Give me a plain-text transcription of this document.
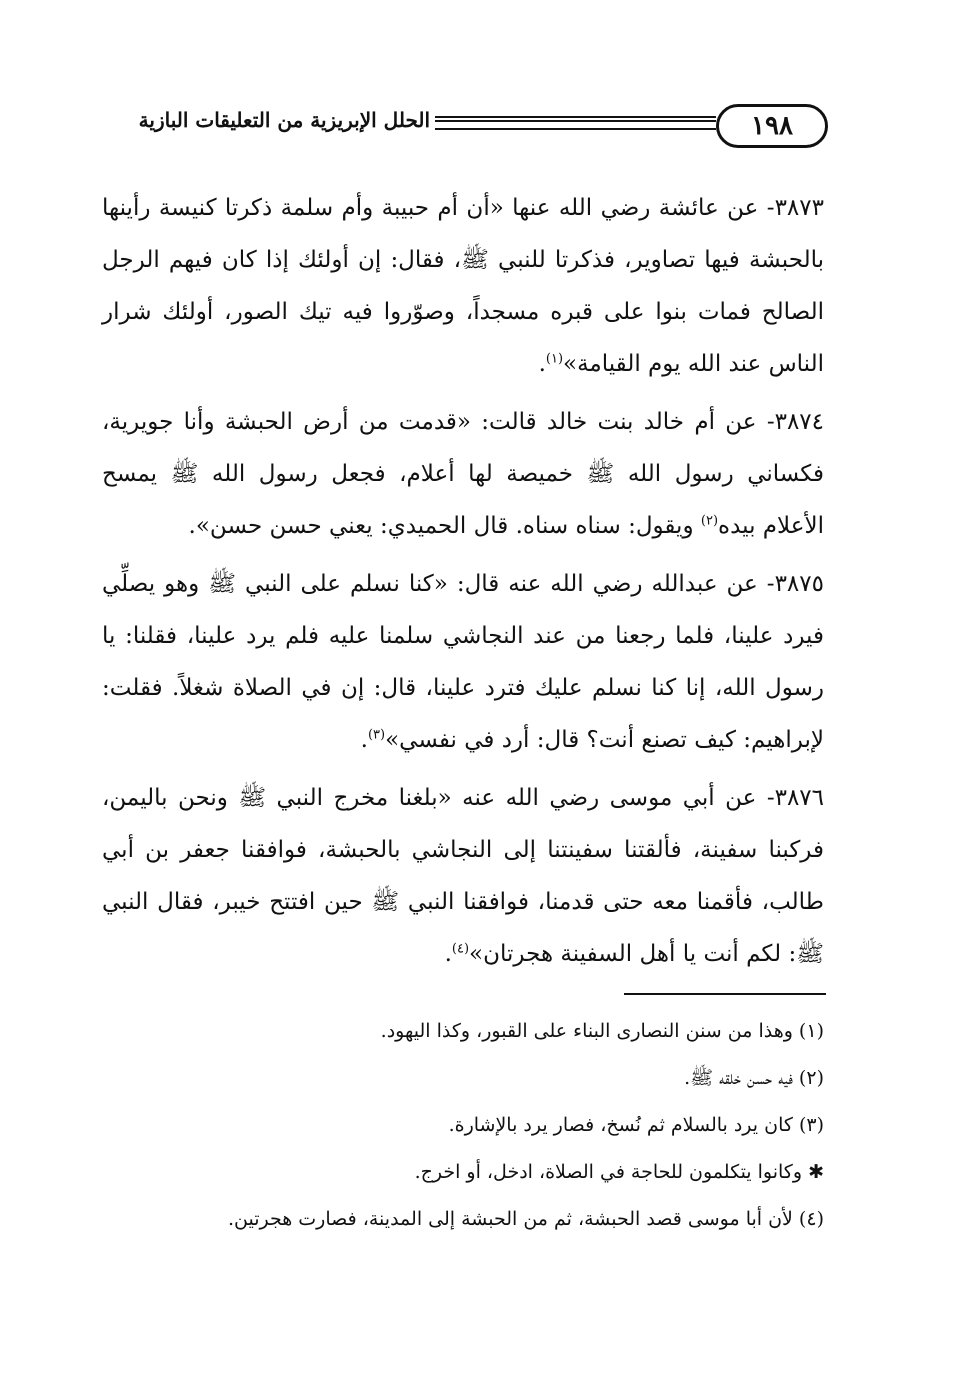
١٩٨
الحلل الإبريزية من التعليقات البازية

٣٨٧٣- عن عائشة رضي الله عنها «أن أم حبيبة وأم سلمة ذكرتا كنيسة رأينها بالحبشة فيها تصاوير، فذكرتا للنبي ﷺ، فقال: إن أولئك إذا كان فيهم الرجل الصالح فمات بنوا على قبره مسجداً، وصوّروا فيه تيك الصور، أولئك شرار الناس عند الله يوم القيامة»$^{(١)}$.

٣٨٧٤- عن أم خالد بنت خالد قالت: «قدمت من أرض الحبشة وأنا جويرية، فكساني رسول الله ﷺ خميصة لها أعلام، فجعل رسول الله ﷺ يمسح الأعلام بيده$^{(٢)}$ ويقول: سناه سناه. قال الحميدي: يعني حسن حسن».

٣٨٧٥- عن عبدالله رضي الله عنه قال: «كنا نسلم على النبي ﷺ وهو يصلِّي فيرد علينا، فلما رجعنا من عند النجاشي سلمنا عليه فلم يرد علينا، فقلنا: يا رسول الله، إنا كنا نسلم عليك فترد علينا، قال: إن في الصلاة شغلاً. فقلت: لإبراهيم: كيف تصنع أنت؟ قال: أرد في نفسي»$^{(٣)}$.

٣٨٧٦- عن أبي موسى رضي الله عنه «بلغنا مخرج النبي ﷺ ونحن باليمن، فركبنا سفينة، فألقتنا سفينتنا إلى النجاشي بالحبشة، فوافقنا جعفر بن أبي طالب، فأقمنا معه حتى قدمنا، فوافقنا النبي ﷺ حين افتتح خيبر، فقال النبي ﷺ: لكم أنت يا أهل السفينة هجرتان»$^{(٤)}$.

(١) وهذا من سنن النصارى البناء على القبور، وكذا اليهود.

(٢) فيه حسن خلقه ﷺ.

(٣) كان يرد بالسلام ثم نُسخ، فصار يرد بالإشارة.

✱ وكانوا يتكلمون للحاجة في الصلاة، ادخل، أو اخرج.

(٤) لأن أبا موسى قصد الحبشة، ثم من الحبشة إلى المدينة، فصارت هجرتين.
